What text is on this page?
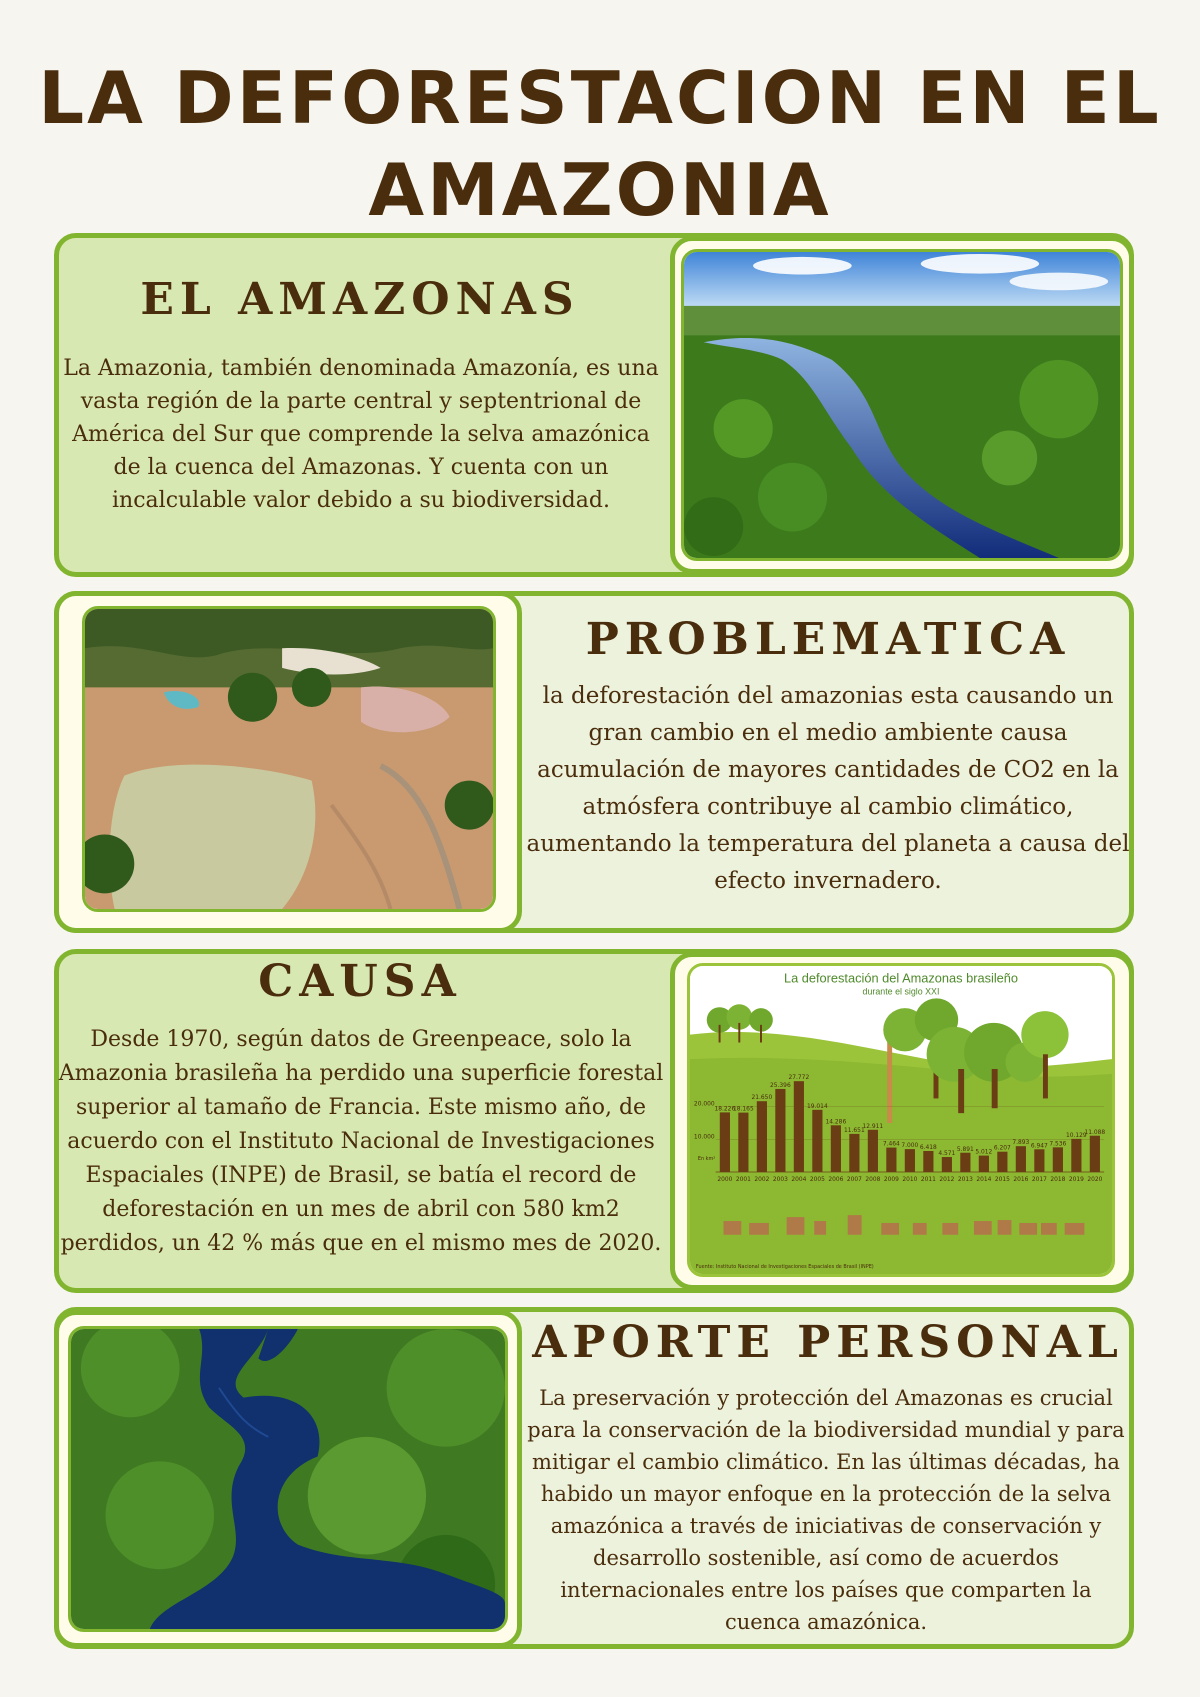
LA DEFORESTACION EN EL AMAZONIA
EL AMAZONAS

La Amazonia, también denominada Amazonía, es una vasta región de la parte central y septentrional de América del Sur que comprende la selva amazónica de la cuenca del Amazonas. Y cuenta con un incalculable valor debido a su biodiversidad.

PROBLEMATICA

la deforestación del amazonias esta causando un gran cambio en el medio ambiente causa acumulación de mayores cantidades de CO2 en la atmósfera contribuye al cambio climático, aumentando la temperatura del planeta a causa del efecto invernadero.

CAUSA

Desde 1970, según datos de Greenpeace, solo la Amazonia brasileña ha perdido una superficie forestal superior al tamaño de Francia. Este mismo año, de acuerdo con el Instituto Nacional de Investigaciones Espaciales (INPE) de Brasil, se batía el record de deforestación en un mes de abril con 580 km2 perdidos, un 42 % más que en el mismo mes de 2020.

La deforestación del Amazonas brasileño
durante el siglo XXI
18.226
18.165
21.650
25.396
27.772
19.014
14.286
11.651
12.911
7.464 7.000 6.418
4.571
5.891 5.012
6.207
7.893
6.947 7.536
10.129
11.088
2000 2001 2002 2003 2004 2005 2006 2007 2008 2009 2010 2011 2012 2013 2014 2015 2016 2017 2018 2019 2020
20.000
10.000
En km²
Fuente: Instituto Nacional de Investigaciones Espaciales de Brasil (INPE)
APORTE PERSONAL

La preservación y protección del Amazonas es crucial para la conservación de la biodiversidad mundial y para mitigar el cambio climático. En las últimas décadas, ha habido un mayor enfoque en la protección de la selva amazónica a través de iniciativas de conservación y desarrollo sostenible, así como de acuerdos internacionales entre los países que comparten la cuenca amazónica.
